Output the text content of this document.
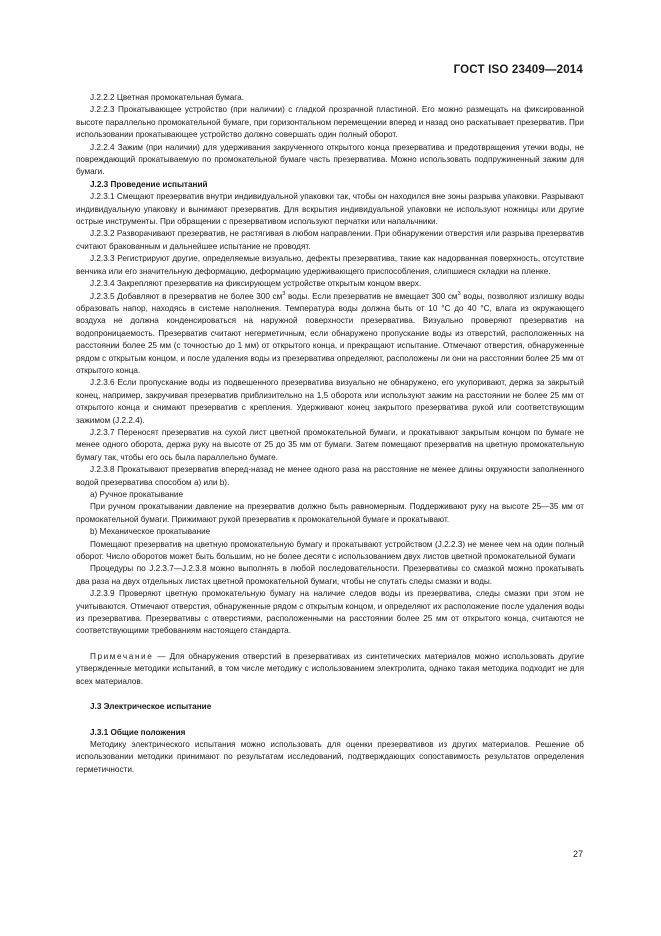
ГОСТ ISO 23409—2014

J.2.2.2 Цветная промокательная бумага.

J.2.2.3 Прокатывающее устройство (при наличии) с гладкой прозрачной пластиной. Его можно размещать на фиксированной высоте параллельно промокательной бумаге, при горизонтальном перемещении вперед и назад оно раскатывает презерватив. При использовании прокатывающее устройство должно совершать один полный оборот.

J.2.2.4 Зажим (при наличии) для удерживания закрученного открытого конца презерватива и предотвращения утечки воды, не повреждающий прокатываемую по промокательной бумаге часть презерватива. Можно использовать подпружиненный зажим для бумаги.

J.2.3 Проведение испытаний

J.2.3.1 Смещают презерватив внутри индивидуальной упаковки так, чтобы он находился вне зоны разрыва упаковки. Разрывают индивидуальную упаковку и вынимают презерватив. Для вскрытия индивидуальной упаковки не используют ножницы или другие острые инструменты. При обращении с презервативом используют перчатки или напальчники.

J.2.3.2 Разворачивают презерватив, не растягивая в любом направлении. При обнаружении отверстия или разрыва презерватив считают бракованным и дальнейшее испытание не проводят.

J.2.3.3 Регистрируют другие, определяемые визуально, дефекты презерватива, такие как надорванная поверхность, отсутствие венчика или его значительную деформацию, деформацию удерживающего приспособления, слипшиеся складки на пленке.

J.2.3.4 Закрепляют презерватив на фиксирующем устройстве открытым концом вверх.

J.2.3.5 Добавляют в презерватив не более 300 $см^3$ воды. Если презерватив не вмещает 300 $см^3$ воды, позволяют излишку воды образовать напор, находясь в системе наполнения. Температура воды должна быть от 10 °С до 40 °С, влага из окружающего воздуха не должна конденсироваться на наружной поверхности презерватива. Визуально проверяют презерватив на водопроницаемость. Презерватив считают негерметичным, если обнаружено пропускание воды из отверстий, расположенных на расстоянии более 25 мм (с точностью до 1 мм) от открытого конца, и прекращают испытание. Отмечают отверстия, обнаруженные рядом с открытым концом, и после удаления воды из презерватива определяют, расположены ли они на расстоянии более 25 мм от открытого конца.

J.2.3.6 Если пропускание воды из подвешенного презерватива визуально не обнаружено, его укупоривают, держа за закрытый конец, например, закручивая презерватив приблизительно на 1,5 оборота или используют зажим на расстоянии не более 25 мм от открытого конца и снимают презерватив с крепления. Удерживают конец закрытого презерватива рукой или соответствующим зажимом (J.2.2.4).

J.2.3.7 Переносят презерватив на сухой лист цветной промокательной бумаги, и прокатывают закрытым концом по бумаге не менее одного оборота, держа руку на высоте от 25 до 35 мм от бумаги. Затем помещают презерватив на цветную промокательную бумагу так, чтобы его ось была параллельно бумаге.

J.2.3.8 Прокатывают презерватив вперед-назад не менее одного раза на расстояние не менее длины окружности заполненного водой презерватива способом a) или b).

a) Ручное прокатывание

При ручном прокатывании давление на презерватив должно быть равномерным. Поддерживают руку на высоте 25—35 мм от промокательной бумаги. Прижимают рукой презерватив к промокательной бумаге и прокатывают.

b) Механическое прокатывание

Помещают презерватив на цветную промокательную бумагу и прокатывают устройством (J.2.2.3) не менее чем на один полный оборот. Число оборотов может быть большим, но не более десяти с использованием двух листов цветной промокательной бумаги

Процедуры по J.2.3.7—J.2.3.8 можно выполнять в любой последовательности. Презервативы со смазкой можно прокатывать два раза на двух отдельных листах цветной промокательной бумаги, чтобы не спутать следы смазки и воды.

J.2.3.9 Проверяют цветную промокательную бумагу на наличие следов воды из презерватива, следы смазки при этом не учитываются. Отмечают отверстия, обнаруженные рядом с открытым концом, и определяют их расположение после удаления воды из презерватива. Презервативы с отверстиями, расположенными на расстоянии более 25 мм от открытого конца, считаются не соответствующими требованиям настоящего стандарта.

Примечание — Для обнаружения отверстий в презервативах из синтетических материалов можно использовать другие утвержденные методики испытаний, в том числе методику с использованием электролита, однако такая методика подходит не для всех материалов.

J.3 Электрическое испытание

J.3.1 Общие положения

Методику электрического испытания можно использовать для оценки презервативов из других материалов. Решение об использовании методики принимают по результатам исследований, подтверждающих сопоставимость результатов определения герметичности.

27
